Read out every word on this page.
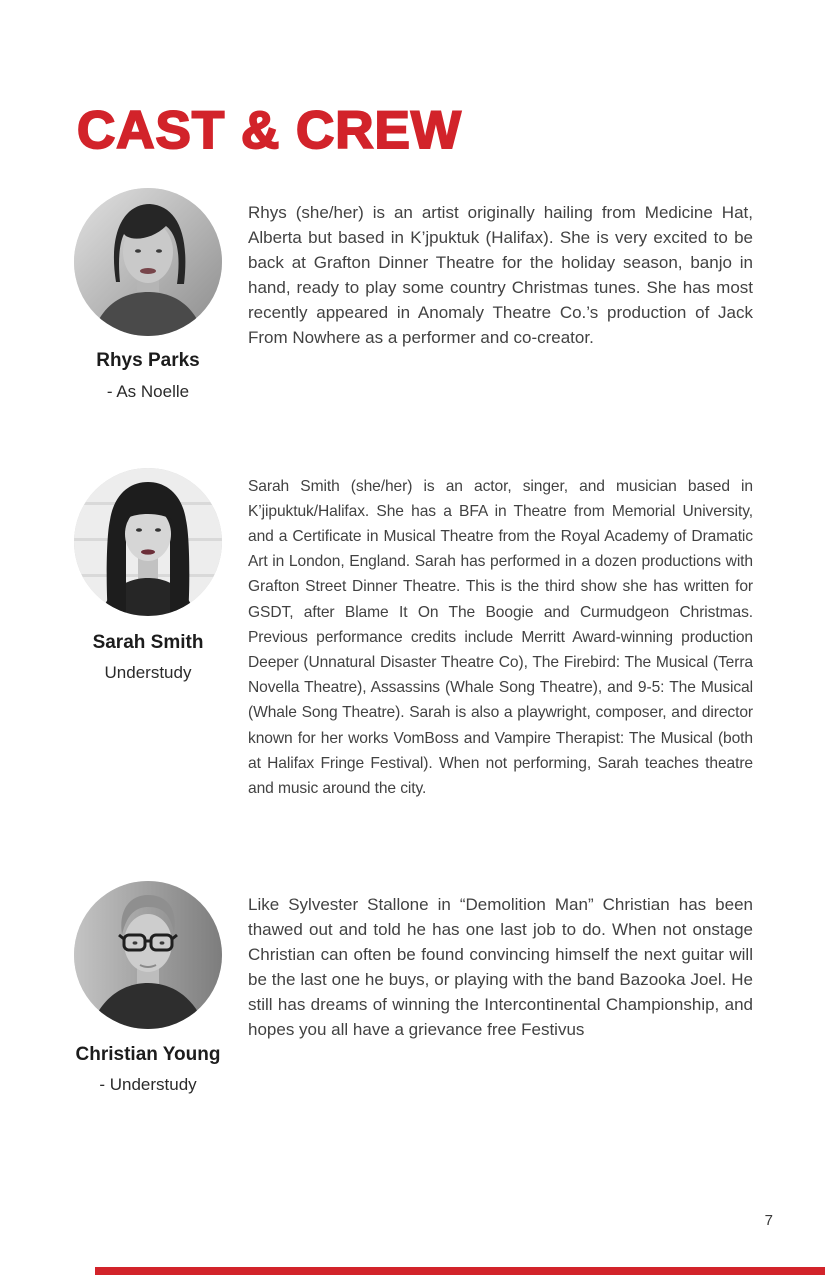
CAST & CREW
Rhys Parks
- As Noelle

Rhys (she/her) is an artist originally hailing from Medicine Hat, Alberta but based in K’jpuktuk (Halifax). She is very excited to be back at Grafton Dinner Theatre for the holiday season, banjo in hand, ready to play some country Christmas tunes. She has most recently appeared in Anomaly Theatre Co.’s production of Jack From Nowhere as a performer and co-creator.

Sarah Smith
Understudy

Sarah Smith (she/her) is an actor, singer, and musician based in K’jipuktuk/Halifax. She has a BFA in Theatre from Memorial University, and a Certificate in Musical Theatre from the Royal Academy of Dramatic Art in London, England. Sarah has performed in a dozen productions with Grafton Street Dinner Theatre. This is the third show she has written for GSDT, after Blame It On The Boogie and Curmudgeon Christmas. Previous performance credits include Merritt Award-winning production Deeper (Unnatural Disaster Theatre Co), The Firebird: The Musical (Terra Novella Theatre), Assassins (Whale Song Theatre), and 9-5: The Musical (Whale Song Theatre). Sarah is also a playwright, composer, and director known for her works VomBoss and Vampire Therapist: The Musical (both at Halifax Fringe Festival). When not performing, Sarah teaches theatre and music around the city.

Christian Young
- Understudy

Like Sylvester Stallone in “Demolition Man” Christian has been thawed out and told he has one last job to do. When not onstage Christian can often be found convincing himself the next guitar will be the last one he buys, or playing with the band Bazooka Joel. He still has dreams of winning the Intercontinental Championship, and hopes you all have a grievance free Festivus

7
